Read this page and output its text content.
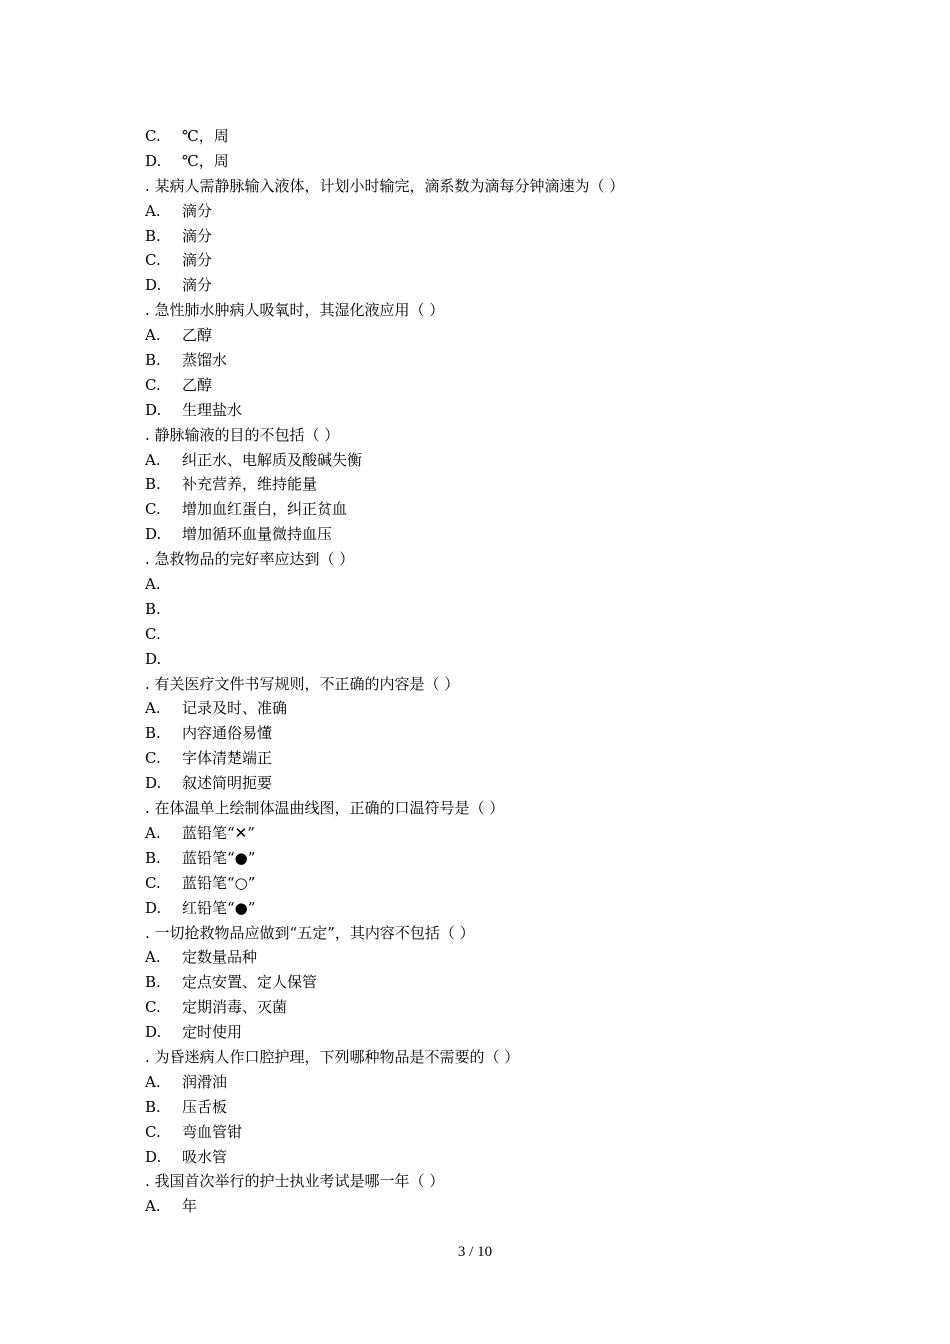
C. ℃，周
D. ℃，周
. 某病人需静脉输入液体，计划小时输完，滴系数为滴每分钟滴速为（ ）
A. 滴分
B. 滴分
C. 滴分
D. 滴分
. 急性肺水肿病人吸氧时，其湿化液应用（ ）
A. 乙醇
B. 蒸馏水
C. 乙醇
D. 生理盐水
. 静脉输液的目的不包括（ ）
A. 纠正水、电解质及酸碱失衡
B. 补充营养，维持能量
C. 增加血红蛋白，纠正贫血
D. 增加循环血量微持血压
. 急救物品的完好率应达到（ ）
A.
B.
C.
D.
. 有关医疗文件书写规则，不正确的内容是（ ）
A. 记录及时、准确
B. 内容通俗易懂
C. 字体清楚端正
D. 叙述简明扼要
. 在体温单上绘制体温曲线图，正确的口温符号是（ ）
A. 蓝铅笔“✕”
B. 蓝铅笔“●”
C. 蓝铅笔“○”
D. 红铅笔“●”
. 一切抢救物品应做到“五定”，其内容不包括（ ）
A. 定数量品种
B. 定点安置、定人保管
C. 定期消毒、灭菌
D. 定时使用
. 为昏迷病人作口腔护理，下列哪种物品是不需要的（ ）
A. 润滑油
B. 压舌板
C. 弯血管钳
D. 吸水管
. 我国首次举行的护士执业考试是哪一年（ ）
A. 年
3 / 10
